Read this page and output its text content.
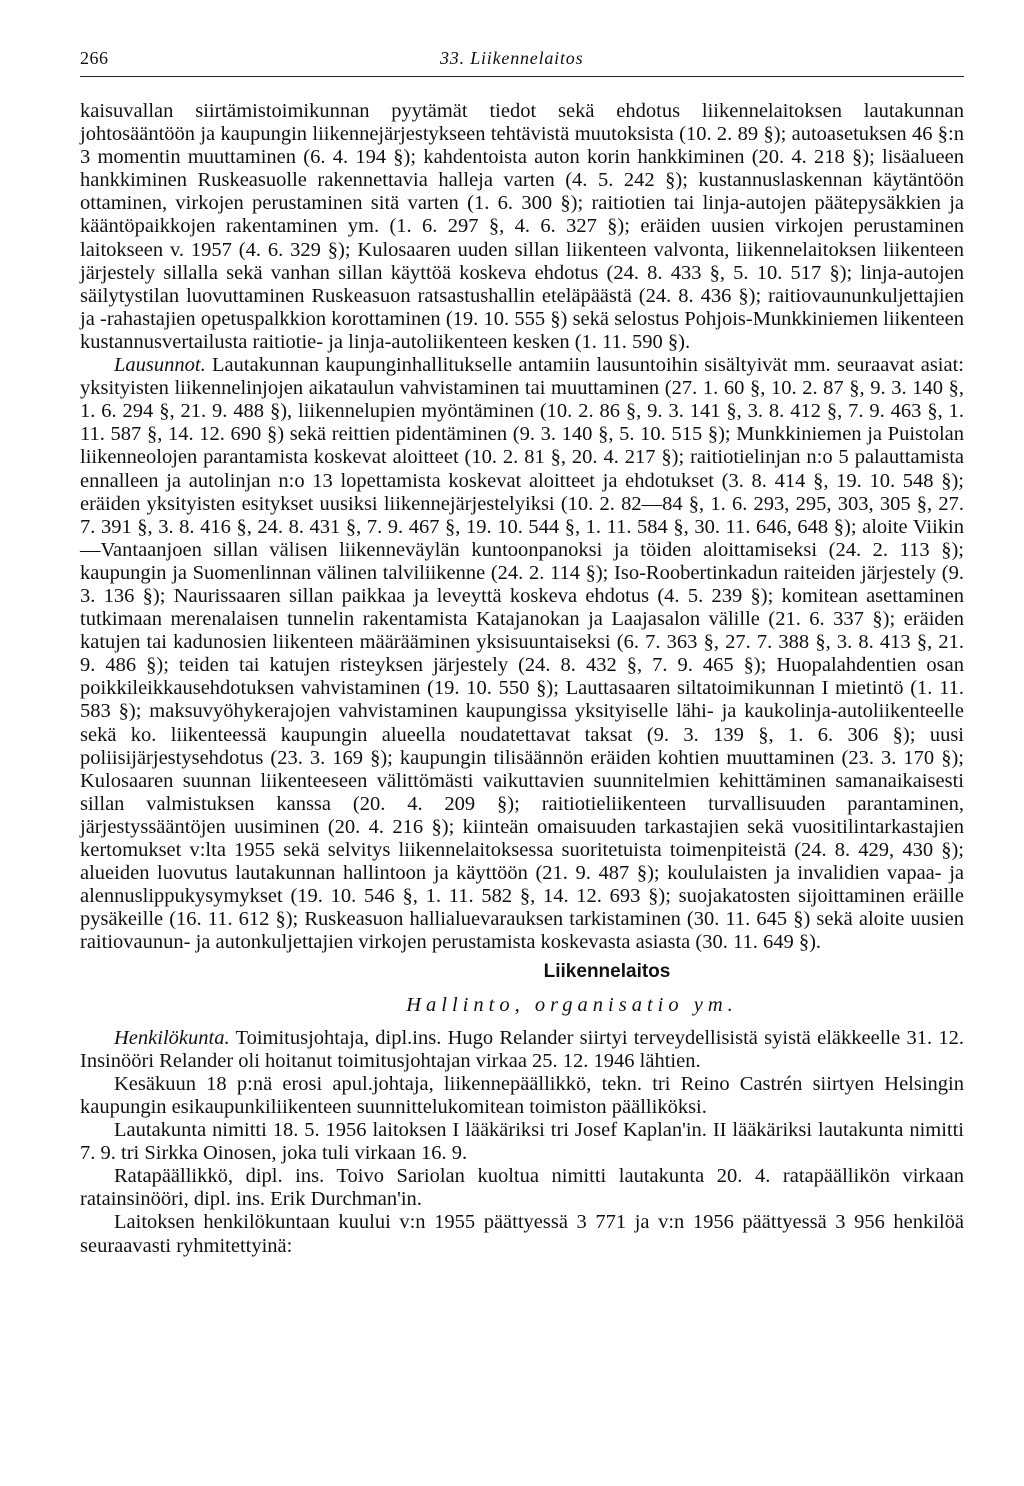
266	33. Liikennelaitos

kaisuvallan siirtämistoimikunnan pyytämät tiedot sekä ehdotus liikennelaitoksen lautakunnan johtosääntöön ja kaupungin liikennejärjestykseen tehtävistä muutoksista (10. 2. 89 §); autoasetuksen 46 §:n 3 momentin muuttaminen (6. 4. 194 §); kahdentoista auton korin hankkiminen (20. 4. 218 §); lisäalueen hankkiminen Ruskeasuolle rakennettavia halleja varten (4. 5. 242 §); kustannuslaskennan käytäntöön ottaminen, virkojen perustaminen sitä varten (1. 6. 300 §); raitiotien tai linja-autojen päätepysäkkien ja kääntöpaikkojen rakentaminen ym. (1. 6. 297 §, 4. 6. 327 §); eräiden uusien virkojen perustaminen laitokseen v. 1957 (4. 6. 329 §); Kulosaaren uuden sillan liikenteen valvonta, liikennelaitoksen liikenteen järjestely sillalla sekä vanhan sillan käyttöä koskeva ehdotus (24. 8. 433 §, 5. 10. 517 §); linja-autojen säilytystilan luovuttaminen Ruskeasuon ratsastushallin eteläpäästä (24. 8. 436 §); raitiovaununkuljettajien ja -rahastajien opetuspalkkion korottaminen (19. 10. 555 §) sekä selostus Pohjois-Munkkiniemen liikenteen kustannusvertailusta raitiotie- ja linja-autoliikenteen kesken (1. 11. 590 §).

Lausunnot. Lautakunnan kaupunginhallitukselle antamiin lausuntoihin sisältyivät mm. seuraavat asiat: yksityisten liikennelinjojen aikataulun vahvistaminen tai muuttaminen (27. 1. 60 §, 10. 2. 87 §, 9. 3. 140 §, 1. 6. 294 §, 21. 9. 488 §), liikennelupien myöntäminen (10. 2. 86 §, 9. 3. 141 §, 3. 8. 412 §, 7. 9. 463 §, 1. 11. 587 §, 14. 12. 690 §) sekä reittien pidentäminen (9. 3. 140 §, 5. 10. 515 §); Munkkiniemen ja Puistolan liikenneolojen parantamista koskevat aloitteet (10. 2. 81 §, 20. 4. 217 §); raitiotielinjan n:o 5 palauttamista ennalleen ja autolinjan n:o 13 lopettamista koskevat aloitteet ja ehdotukset (3. 8. 414 §, 19. 10. 548 §); eräiden yksityisten esitykset uusiksi liikennejärjestelyiksi (10. 2. 82—84 §, 1. 6. 293, 295, 303, 305 §, 27. 7. 391 §, 3. 8. 416 §, 24. 8. 431 §, 7. 9. 467 §, 19. 10. 544 §, 1. 11. 584 §, 30. 11. 646, 648 §); aloite Viikin—Vantaanjoen sillan välisen liikenneväylän kuntoonpanoksi ja töiden aloittamiseksi (24. 2. 113 §); kaupungin ja Suomenlinnan välinen talviliikenne (24. 2. 114 §); Iso-Roobertinkadun raiteiden järjestely (9. 3. 136 §); Naurissaaren sillan paikkaa ja leveyttä koskeva ehdotus (4. 5. 239 §); komitean asettaminen tutkimaan merenalaisen tunnelin rakentamista Katajanokan ja Laajasalon välille (21. 6. 337 §); eräiden katujen tai kadunosien liikenteen määrääminen yksisuuntaiseksi (6. 7. 363 §, 27. 7. 388 §, 3. 8. 413 §, 21. 9. 486 §); teiden tai katujen risteyksen järjestely (24. 8. 432 §, 7. 9. 465 §); Huopalahdentien osan poikkileikkausehdotuksen vahvistaminen (19. 10. 550 §); Lauttasaaren siltatoimikunnan I mietintö (1. 11. 583 §); maksuvyöhykerajojen vahvistaminen kaupungissa yksityiselle lähi- ja kaukolinja-autoliikenteelle sekä ko. liikenteessä kaupungin alueella noudatettavat taksat (9. 3. 139 §, 1. 6. 306 §); uusi poliisijärjestysehdotus (23. 3. 169 §); kaupungin tilisäännön eräiden kohtien muuttaminen (23. 3. 170 §); Kulosaaren suunnan liikenteeseen välittömästi vaikuttavien suunnitelmien kehittäminen samanaikaisesti sillan valmistuksen kanssa (20. 4. 209 §); raitiotieliikenteen turvallisuuden parantaminen, järjestyssääntöjen uusiminen (20. 4. 216 §); kiinteän omaisuuden tarkastajien sekä vuositilintarkastajien kertomukset v:lta 1955 sekä selvitys liikennelaitoksessa suoritetuista toimenpiteistä (24. 8. 429, 430 §); alueiden luovutus lautakunnan hallintoon ja käyttöön (21. 9. 487 §); koululaisten ja invalidien vapaa- ja alennuslippukysymykset (19. 10. 546 §, 1. 11. 582 §, 14. 12. 693 §); suojakatosten sijoittaminen eräille pysäkeille (16. 11. 612 §); Ruskeasuon hallialuevarauksen tarkistaminen (30. 11. 645 §) sekä aloite uusien raitiovaunun- ja autonkuljettajien virkojen perustamista koskevasta asiasta (30. 11. 649 §).

Liikennelaitos
Hallinto, organisatio ym.

Henkilökunta. Toimitusjohtaja, dipl.ins. Hugo Relander siirtyi terveydellisistä syistä eläkkeelle 31. 12. Insinööri Relander oli hoitanut toimitusjohtajan virkaa 25. 12. 1946 lähtien.

Kesäkuun 18 p:nä erosi apul.johtaja, liikennepäällikkö, tekn. tri Reino Castrén siirtyen Helsingin kaupungin esikaupunkiliikenteen suunnittelukomitean toimiston päälliköksi.

Lautakunta nimitti 18. 5. 1956 laitoksen I lääkäriksi tri Josef Kaplan'in. II lääkäriksi lautakunta nimitti 7. 9. tri Sirkka Oinosen, joka tuli virkaan 16. 9.

Ratapäällikkö, dipl. ins. Toivo Sariolan kuoltua nimitti lautakunta 20. 4. ratapäällikön virkaan ratainsinööri, dipl. ins. Erik Durchman'in.

Laitoksen henkilökuntaan kuului v:n 1955 päättyessä 3 771 ja v:n 1956 päättyessä 3 956 henkilöä seuraavasti ryhmitettyinä:
